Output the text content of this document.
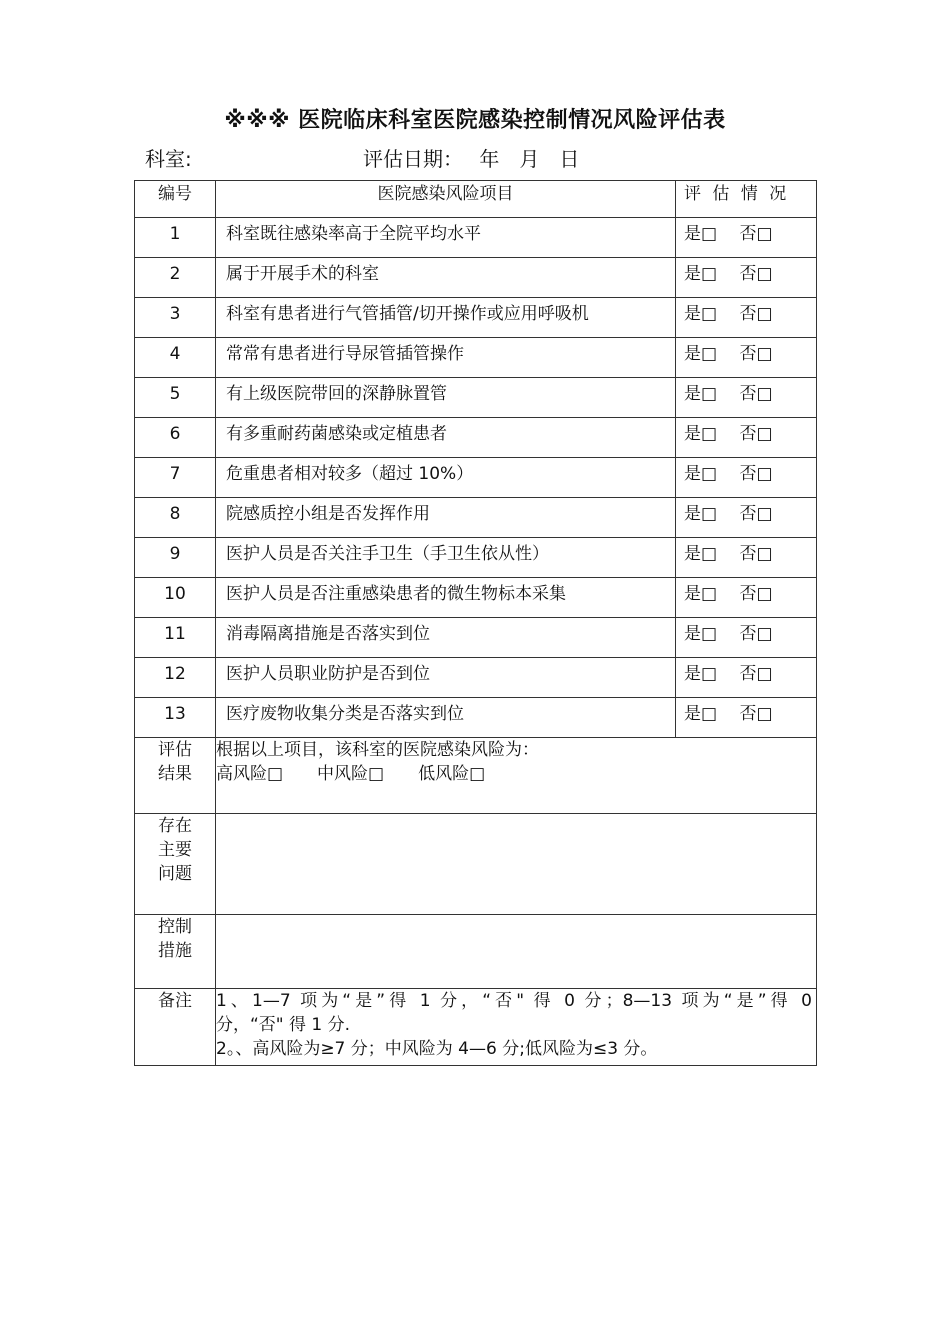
※※※ 医院临床科室医院感染控制情况风险评估表
科室:	评估日期：　 年　月　日
编号	医院感染风险项目	评 估 情 况
1	科室既往感染率高于全院平均水平	是□　 否□
2	属于开展手术的科室	是□　 否□
3	科室有患者进行气管插管/切开操作或应用呼吸机	是□　 否□
4	常常有患者进行导尿管插管操作	是□　 否□
5	有上级医院带回的深静脉置管	是□　 否□
6	有多重耐药菌感染或定植患者	是□　 否□
7	危重患者相对较多（超过 10%）	是□　 否□
8	院感质控小组是否发挥作用	是□　 否□
9	医护人员是否关注手卫生（手卫生依从性）	是□　 否□
10	医护人员是否注重感染患者的微生物标本采集	是□　 否□
11	消毒隔离措施是否落实到位	是□　 否□
12	医护人员职业防护是否到位	是□　 否□
13	医疗废物收集分类是否落实到位	是□　 否□

评估
结果	根据以上项目，该科室的医院感染风险为：
高风险□　　中风险□　　低风险□	

存在
主要
问题		

控制
措施		

备注	1、1—7 项为“是”得 1 分，“否" 得 0 分；8—13 项为“是”得 0
分，“否" 得 1 分.
2。、高风险为≥7 分；中风险为 4—6 分;低风险为≤3 分。	
